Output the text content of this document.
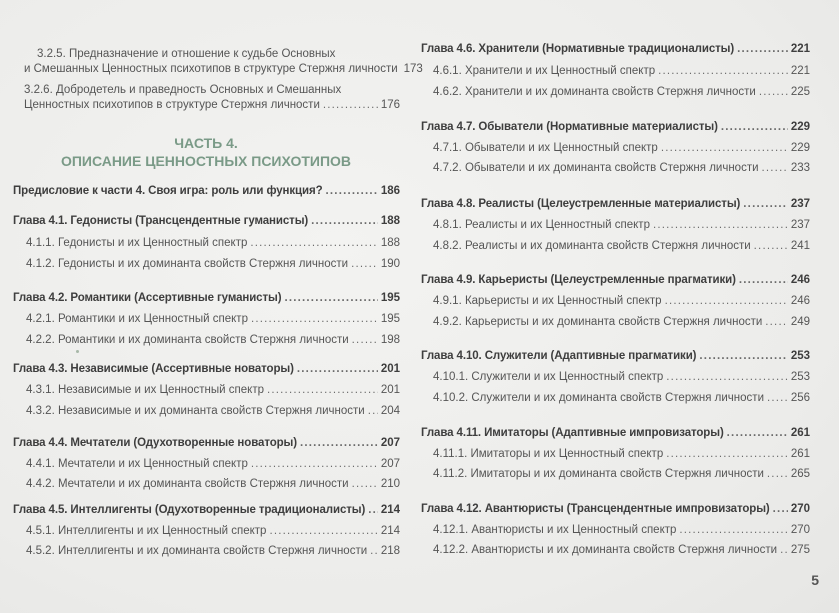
3.2.5. Предназначение и отношение к судьбе Основных
и Смешанных Ценностных психотипов в структуре Стержня личности 173
3.2.6. Добродетель и праведность Основных и Смешанных
Ценностных психотипов в структуре Стержня личности . . .	176
ЧАСТЬ 4.
ОПИСАНИЕ ЦЕННОСТНЫХ ПСИХОТИПОВ
Предисловие к части 4. Своя игра: роль или функция? . . .	186
Глава 4.1. Гедонисты (Трансцендентные гуманисты) . . .	188
4.1.1. Гедонисты и их Ценностный спектр . . .	188
4.1.2. Гедонисты и их доминанта свойств Стержня личности . . .	190
Глава 4.2. Романтики (Ассертивные гуманисты) . . .	195
4.2.1. Романтики и их Ценностный спектр . . .	195
4.2.2. Романтики и их доминанта свойств Стержня личности . . .	198
Глава 4.3. Независимые (Ассертивные новаторы) . . .	201
4.3.1. Независимые и их Ценностный спектр . . .	201
4.3.2. Независимые и их доминанта свойств Стержня личности . . . 204
Глава 4.4. Мечтатели (Одухотворенные новаторы) . . .	207
4.4.1. Мечтатели и их Ценностный спектр . . .	207
4.4.2. Мечтатели и их доминанта свойств Стержня личности . . .	210
Глава 4.5. Интеллигенты (Одухотворенные традиционалисты) . . . 214
4.5.1. Интеллигенты и их Ценностный спектр . . .	214
4.5.2. Интеллигенты и их доминанта свойств Стержня личности . . . 218
Глава 4.6. Хранители (Нормативные традиционалисты) . . .	221
4.6.1. Хранители и их Ценностный спектр . . .	221
4.6.2. Хранители и их доминанта свойств Стержня личности . . .	225
Глава 4.7. Обыватели (Нормативные материалисты) . . .	229
4.7.1. Обыватели и их Ценностный спектр . . .	229
4.7.2. Обыватели и их доминанта свойств Стержня личности . . .	233
Глава 4.8. Реалисты (Целеустремленные материалисты) . . .	237
4.8.1. Реалисты и их Ценностный спектр . . .	237
4.8.2. Реалисты и их доминанта свойств Стержня личности . . .	241
Глава 4.9. Карьеристы (Целеустремленные прагматики) . . .	246
4.9.1. Карьеристы и их Ценностный спектр . . .	246
4.9.2. Карьеристы и их доминанта свойств Стержня личности . . . 249
Глава 4.10. Служители (Адаптивные прагматики) . . .	253
4.10.1. Служители и их Ценностный спектр . . .	253
4.10.2. Служители и их доминанта свойств Стержня личности . . . 256
Глава 4.11. Имитаторы (Адаптивные импровизаторы) . . .	261
4.11.1. Имитаторы и их Ценностный спектр . . .	261
4.11.2. Имитаторы и их доминанта свойств Стержня личности . . . 265
Глава 4.12. Авантюристы (Трансцендентные импровизаторы) . . . 270
4.12.1. Авантюристы и их Ценностный спектр . . .	270
4.12.2. Авантюристы и их доминанта свойств Стержня личности . . . 275
5
